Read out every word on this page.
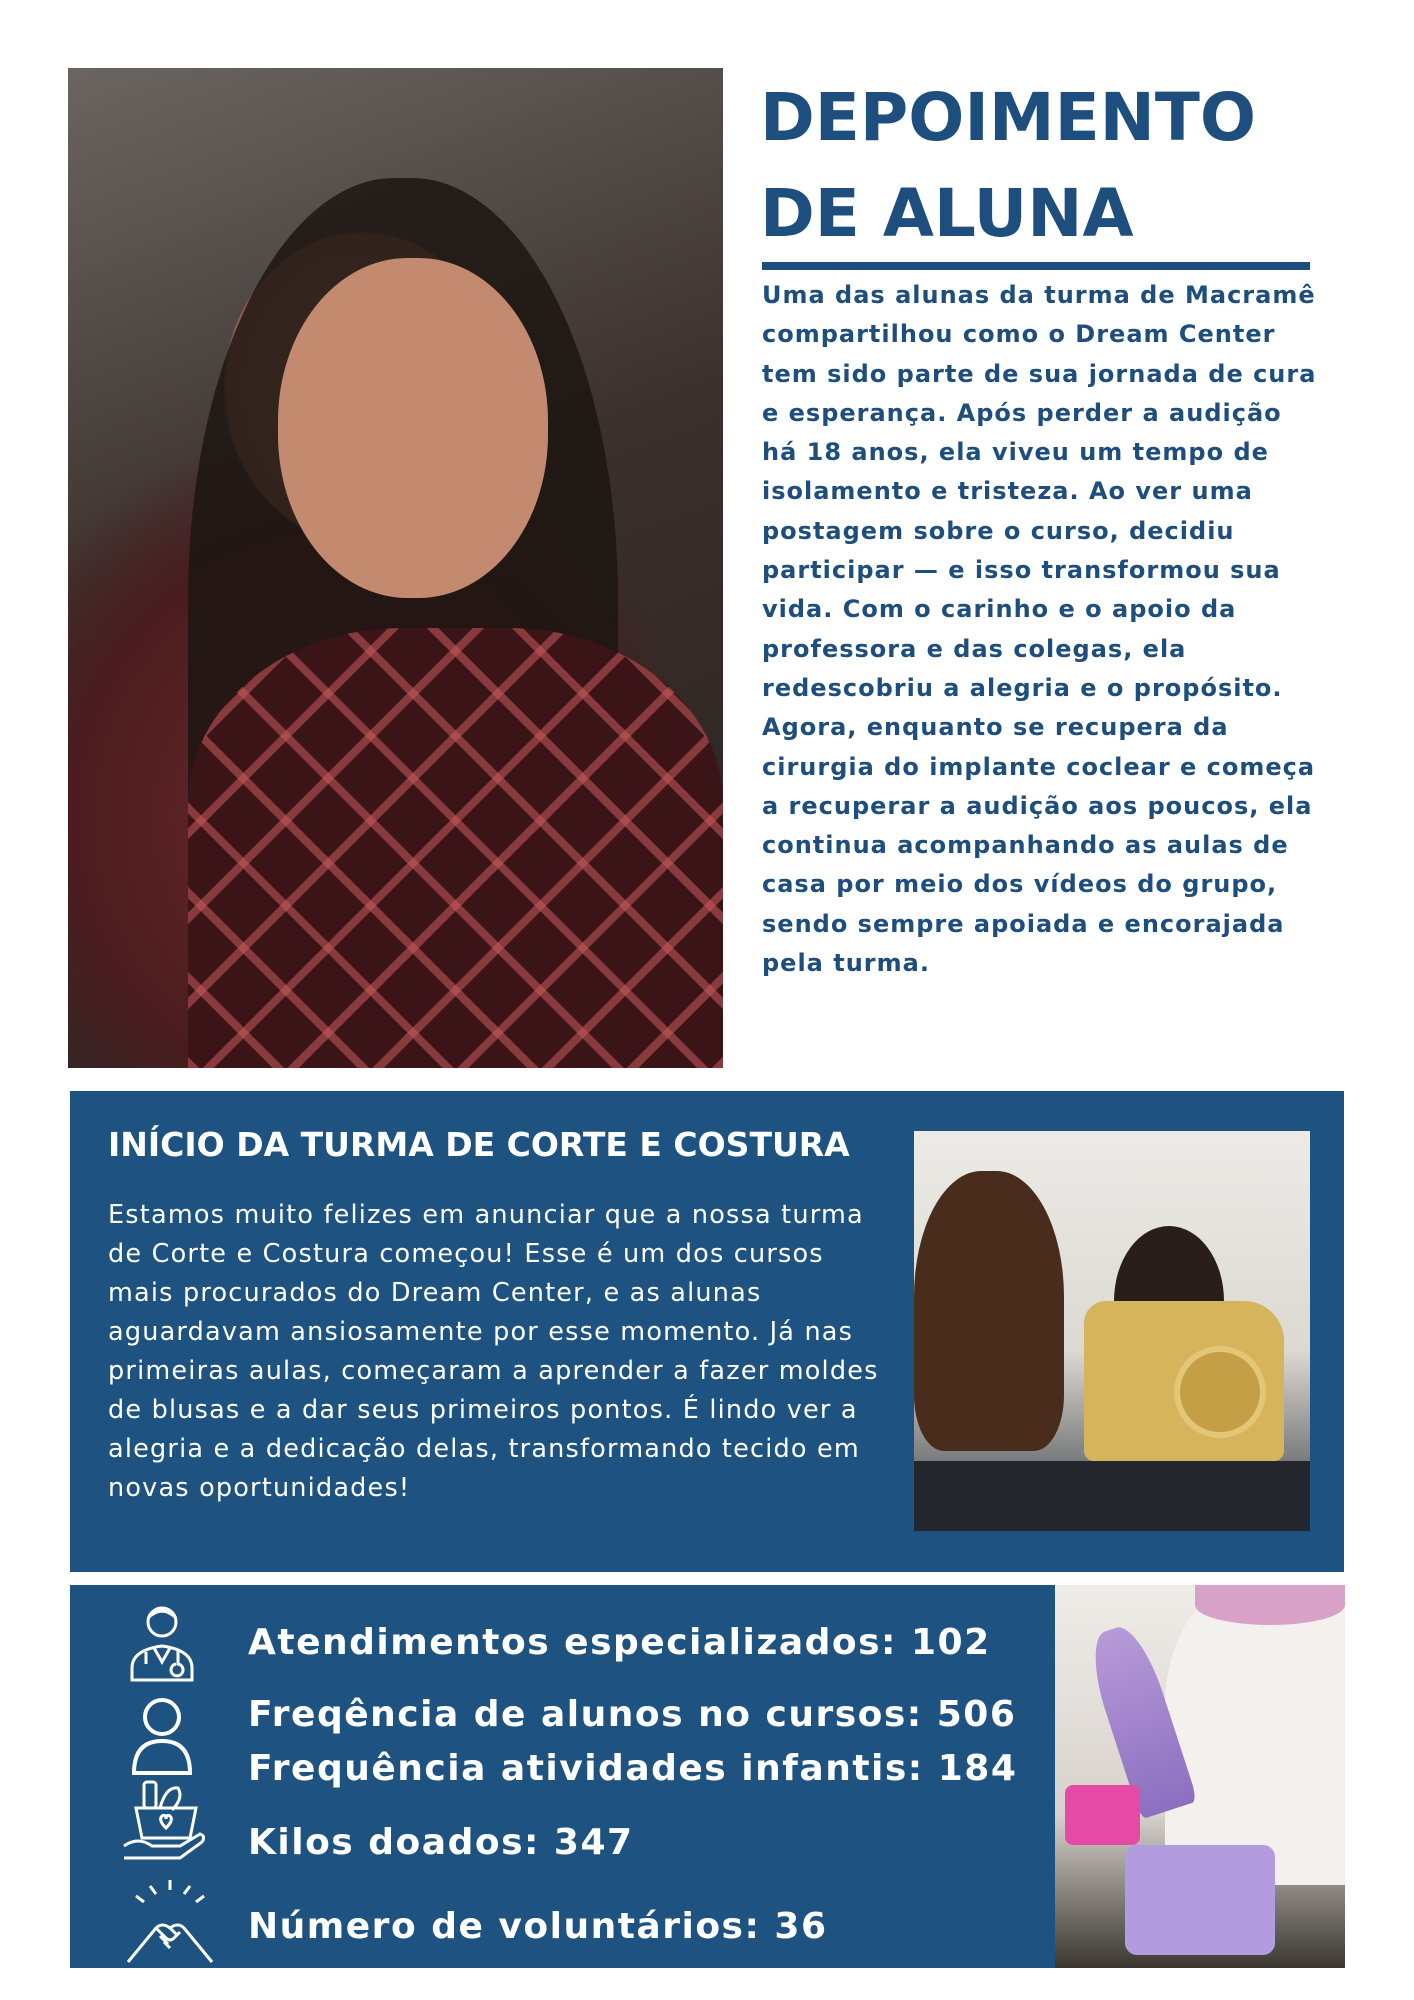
DEPOIMENTO DE ALUNA
Uma das alunas da turma de Macramê compartilhou como o Dream Center tem sido parte de sua jornada de cura e esperança. Após perder a audição há 18 anos, ela viveu um tempo de isolamento e tristeza. Ao ver uma postagem sobre o curso, decidiu participar — e isso transformou sua vida. Com o carinho e o apoio da professora e das colegas, ela redescobriu a alegria e o propósito.
Agora, enquanto se recupera da cirurgia do implante coclear e começa a recuperar a audição aos poucos, ela continua acompanhando as aulas de casa por meio dos vídeos do grupo, sendo sempre apoiada e encorajada pela turma.
INÍCIO DA TURMA DE CORTE E COSTURA
Estamos muito felizes em anunciar que a nossa turma de Corte e Costura começou! Esse é um dos cursos mais procurados do Dream Center, e as alunas aguardavam ansiosamente por esse momento. Já nas primeiras aulas, começaram a aprender a fazer moldes de blusas e a dar seus primeiros pontos. É lindo ver a alegria e a dedicação delas, transformando tecido em novas oportunidades!
Atendimentos especializados: 102
Freqência de alunos no cursos: 506
Frequência atividades infantis: 184
Kilos doados: 347
Número de voluntários: 36
